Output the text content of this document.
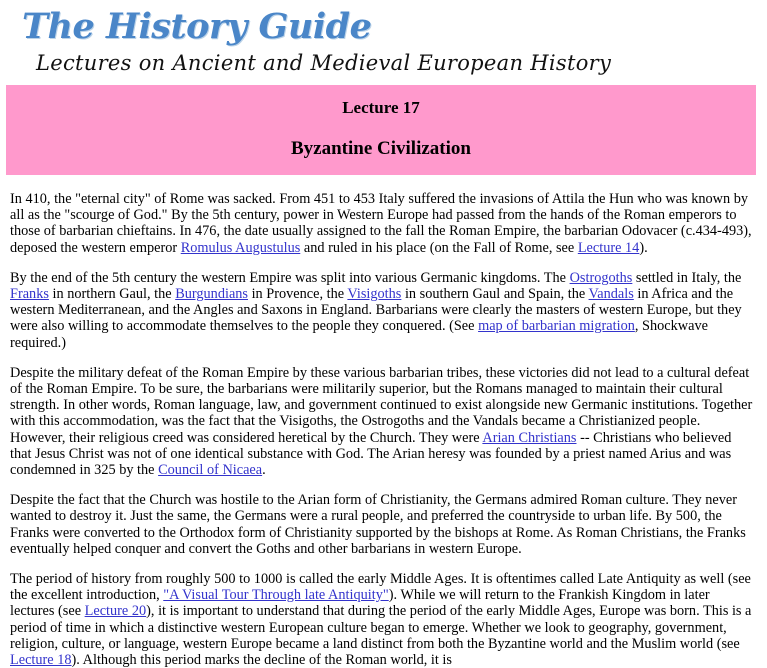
The History Guide
Lectures on Ancient and Medieval European History
Lecture 17
Byzantine Civilization

In 410, the "eternal city" of Rome was sacked. From 451 to 453 Italy suffered the invasions of Attila the Hun who was known by all as the "scourge of God." By the 5th century, power in Western Europe had passed from the hands of the Roman emperors to those of barbarian chieftains. In 476, the date usually assigned to the fall the Roman Empire, the barbarian Odovacer (c.434-493), deposed the western emperor Romulus Augustulus and ruled in his place (on the Fall of Rome, see Lecture 14).

By the end of the 5th century the western Empire was split into various Germanic kingdoms. The Ostrogoths settled in Italy, the Franks in northern Gaul, the Burgundians in Provence, the Visigoths in southern Gaul and Spain, the Vandals in Africa and the western Mediterranean, and the Angles and Saxons in England. Barbarians were clearly the masters of western Europe, but they were also willing to accommodate themselves to the people they conquered. (See map of barbarian migration, Shockwave required.)

Despite the military defeat of the Roman Empire by these various barbarian tribes, these victories did not lead to a cultural defeat of the Roman Empire. To be sure, the barbarians were militarily superior, but the Romans managed to maintain their cultural strength. In other words, Roman language, law, and government continued to exist alongside new Germanic institutions. Together with this accommodation, was the fact that the Visigoths, the Ostrogoths and the Vandals became a Christianized people. However, their religious creed was considered heretical by the Church. They were Arian Christians -- Christians who believed that Jesus Christ was not of one identical substance with God. The Arian heresy was founded by a priest named Arius and was condemned in 325 by the Council of Nicaea.

Despite the fact that the Church was hostile to the Arian form of Christianity, the Germans admired Roman culture. They never wanted to destroy it. Just the same, the Germans were a rural people, and preferred the countryside to urban life. By 500, the Franks were converted to the Orthodox form of Christianity supported by the bishops at Rome. As Roman Christians, the Franks eventually helped conquer and convert the Goths and other barbarians in western Europe.

The period of history from roughly 500 to 1000 is called the early Middle Ages. It is oftentimes called Late Antiquity as well (see the excellent introduction, "A Visual Tour Through late Antiquity"). While we will return to the Frankish Kingdom in later lectures (see Lecture 20), it is important to understand that during the period of the early Middle Ages, Europe was born. This is a period of time in which a distinctive western European culture began to emerge. Whether we look to geography, government, religion, culture, or language, western Europe became a land distinct from both the Byzantine world and the Muslim world (see Lecture 18). Although this period marks the decline of the Roman world, it is
